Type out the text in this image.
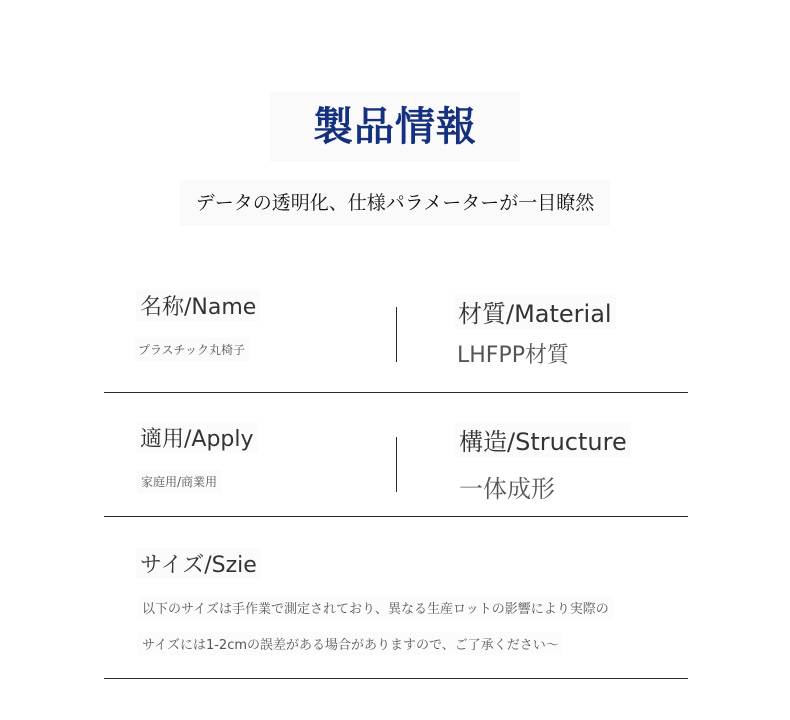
製品情報
データの透明化、仕様パラメーターが一目瞭然
名称/Name
プラスチック丸椅子
材質/Material
LHFPP材質
適用/Apply
家庭用/商業用
構造/Structure
一体成形
サイズ/Szie
以下のサイズは手作業で測定されており、異なる生産ロットの影響により実際の
サイズには1-2cmの誤差がある場合がありますので、ご了承ください～
